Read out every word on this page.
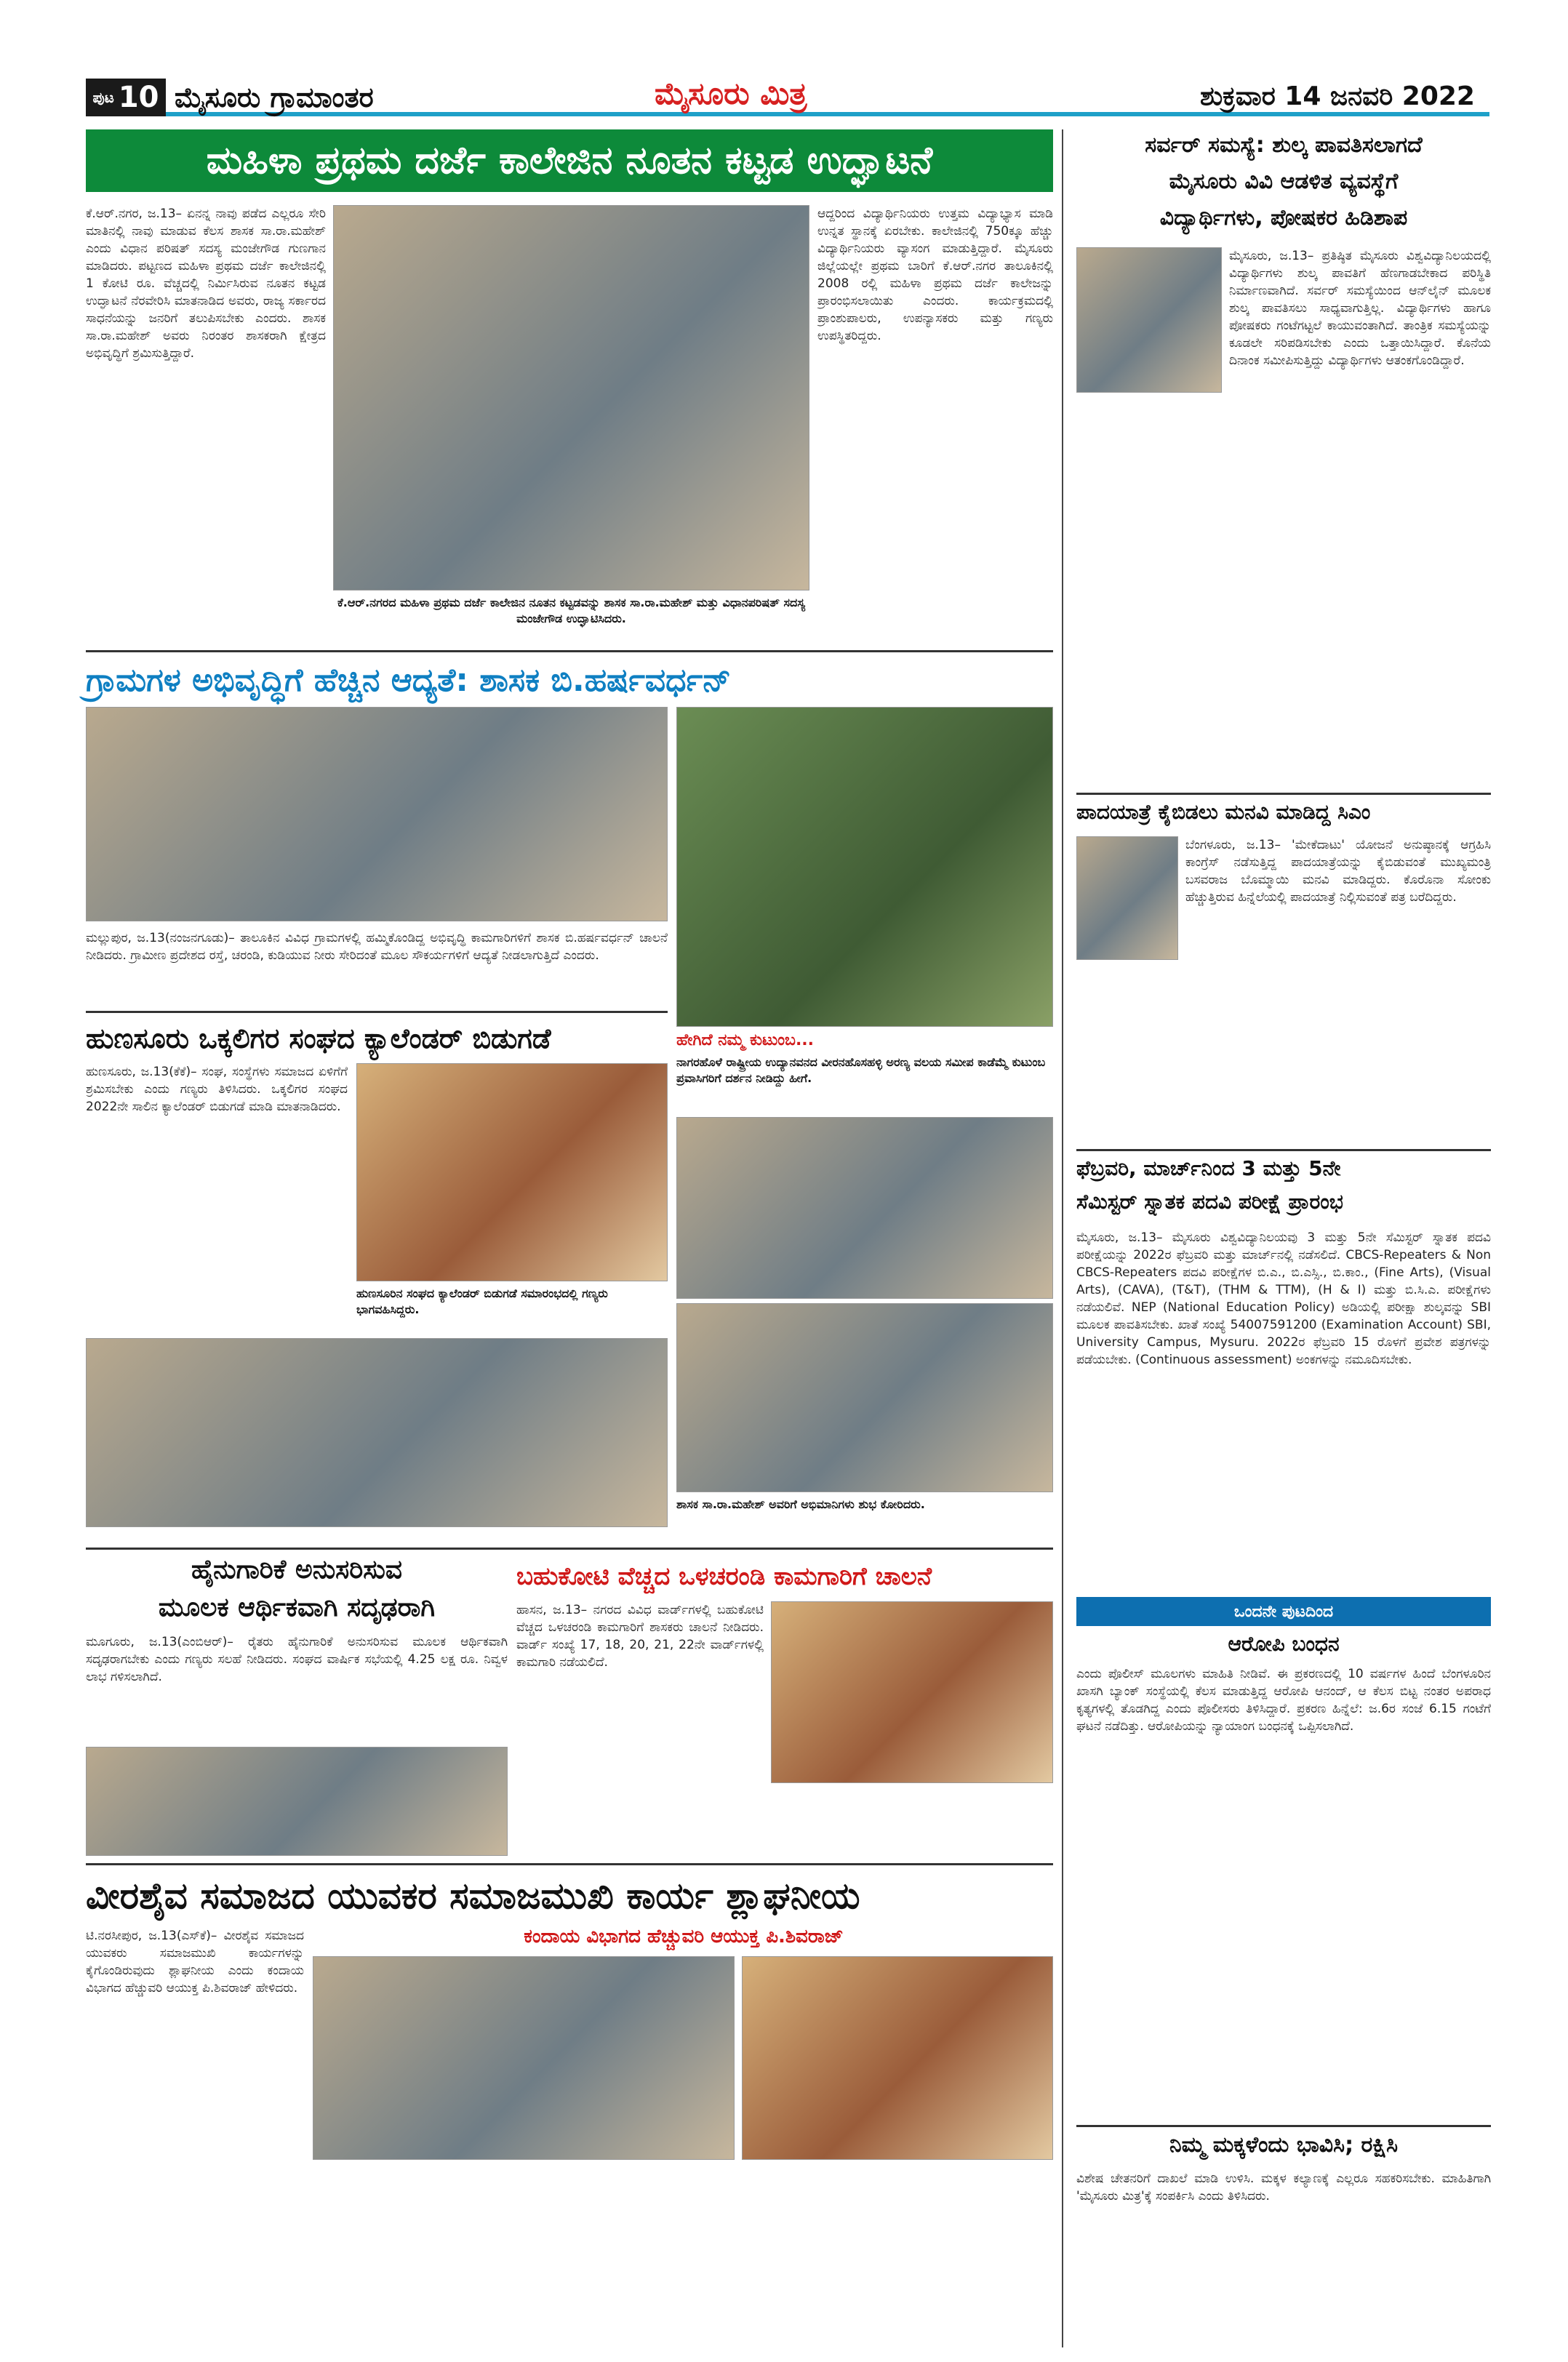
ಪುಟ 10 ಮೈಸೂರು ಗ್ರಾಮಾಂತರ	ಮೈಸೂರು ಮಿತ್ರ	ಶುಕ್ರವಾರ 14 ಜನವರಿ 2022
ಮಹಿಳಾ ಪ್ರಥಮ ದರ್ಜೆ ಕಾಲೇಜಿನ ನೂತನ ಕಟ್ಟಡ ಉದ್ಘಾಟನೆ
ಕೆ.ಆರ್.ನಗರ, ಜ.13– ಏನನ್ನ ನಾವು ಪಡೆದ ಎಲ್ಲರೂ ಸೇರಿ ಮಾತಿನಲ್ಲಿ ನಾವು ಮಾಡುವ ಕೆಲಸ ಶಾಸಕ ಸಾ.ರಾ.ಮಹೇಶ್ ಎಂದು ವಿಧಾನ ಪರಿಷತ್ ಸದಸ್ಯ ಮಂಜೇಗೌಡ ಗುಣಗಾನ ಮಾಡಿದರು. ಪಟ್ಟಣದ ಮಹಿಳಾ ಪ್ರಥಮ ದರ್ಜೆ ಕಾಲೇಜಿನಲ್ಲಿ 1 ಕೋಟಿ ರೂ. ವೆಚ್ಚದಲ್ಲಿ ನಿರ್ಮಿಸಿರುವ ನೂತನ ಕಟ್ಟಡ ಉದ್ಘಾಟನೆ ನೆರವೇರಿಸಿ ಮಾತನಾಡಿದ ಅವರು, ರಾಜ್ಯ ಸರ್ಕಾರದ ಸಾಧನೆಯನ್ನು ಜನರಿಗೆ ತಲುಪಿಸಬೇಕು ಎಂದರು. ಶಾಸಕ ಸಾ.ರಾ.ಮಹೇಶ್ ಅವರು ನಿರಂತರ ಶಾಸಕರಾಗಿ ಕ್ಷೇತ್ರದ ಅಭಿವೃದ್ಧಿಗೆ ಶ್ರಮಿಸುತ್ತಿದ್ದಾರೆ.
ಕೆ.ಆರ್.ನಗರದ ಮಹಿಳಾ ಪ್ರಥಮ ದರ್ಜೆ ಕಾಲೇಜಿನ ನೂತನ ಕಟ್ಟಡವನ್ನು ಶಾಸಕ ಸಾ.ರಾ.ಮಹೇಶ್ ಮತ್ತು ವಿಧಾನಪರಿಷತ್ ಸದಸ್ಯ ಮಂಜೇಗೌಡ ಉದ್ಘಾಟಿಸಿದರು.
ಆದ್ದರಿಂದ ವಿದ್ಯಾರ್ಥಿನಿಯರು ಉತ್ತಮ ವಿದ್ಯಾಭ್ಯಾಸ ಮಾಡಿ ಉನ್ನತ ಸ್ಥಾನಕ್ಕೆ ಏರಬೇಕು. ಕಾಲೇಜಿನಲ್ಲಿ 750ಕ್ಕೂ ಹೆಚ್ಚು ವಿದ್ಯಾರ್ಥಿನಿಯರು ವ್ಯಾಸಂಗ ಮಾಡುತ್ತಿದ್ದಾರೆ. ಮೈಸೂರು ಜಿಲ್ಲೆಯಲ್ಲೇ ಪ್ರಥಮ ಬಾರಿಗೆ ಕೆ.ಆರ್.ನಗರ ತಾಲೂಕಿನಲ್ಲಿ 2008 ರಲ್ಲಿ ಮಹಿಳಾ ಪ್ರಥಮ ದರ್ಜೆ ಕಾಲೇಜನ್ನು ಪ್ರಾರಂಭಿಸಲಾಯಿತು ಎಂದರು. ಕಾರ್ಯಕ್ರಮದಲ್ಲಿ ಪ್ರಾಂಶುಪಾಲರು, ಉಪನ್ಯಾಸಕರು ಮತ್ತು ಗಣ್ಯರು ಉಪಸ್ಥಿತರಿದ್ದರು.
ಗ್ರಾಮಗಳ ಅಭಿವೃದ್ಧಿಗೆ ಹೆಚ್ಚಿನ ಆದ್ಯತೆ: ಶಾಸಕ ಬಿ.ಹರ್ಷವರ್ಧನ್
ಮಲ್ಲುಪುರ, ಜ.13(ನಂಜನಗೂಡು)– ತಾಲೂಕಿನ ವಿವಿಧ ಗ್ರಾಮಗಳಲ್ಲಿ ಹಮ್ಮಿಕೊಂಡಿದ್ದ ಅಭಿವೃದ್ಧಿ ಕಾಮಗಾರಿಗಳಿಗೆ ಶಾಸಕ ಬಿ.ಹರ್ಷವರ್ಧನ್ ಚಾಲನೆ ನೀಡಿದರು. ಗ್ರಾಮೀಣ ಪ್ರದೇಶದ ರಸ್ತೆ, ಚರಂಡಿ, ಕುಡಿಯುವ ನೀರು ಸೇರಿದಂತೆ ಮೂಲ ಸೌಕರ್ಯಗಳಿಗೆ ಆದ್ಯತೆ ನೀಡಲಾಗುತ್ತಿದೆ ಎಂದರು.
ಹೇಗಿದೆ ನಮ್ಮ ಕುಟುಂಬ...
ನಾಗರಹೊಳೆ ರಾಷ್ಟ್ರೀಯ ಉದ್ಯಾನವನದ ವೀರನಹೊಸಹಳ್ಳಿ ಅರಣ್ಯ ವಲಯ ಸಮೀಪ ಕಾಡೆಮ್ಮೆ ಕುಟುಂಬ ಪ್ರವಾಸಿಗರಿಗೆ ದರ್ಶನ ನೀಡಿದ್ದು ಹೀಗೆ.
ಹುಣಸೂರು ಒಕ್ಕಲಿಗರ ಸಂಘದ ಕ್ಯಾಲೆಂಡರ್ ಬಿಡುಗಡೆ
ಹುಣಸೂರು, ಜ.13(ಕೆಕೆ)– ಸಂಘ, ಸಂಸ್ಥೆಗಳು ಸಮಾಜದ ಏಳಿಗೆಗೆ ಶ್ರಮಿಸಬೇಕು ಎಂದು ಗಣ್ಯರು ತಿಳಿಸಿದರು. ಒಕ್ಕಲಿಗರ ಸಂಘದ 2022ನೇ ಸಾಲಿನ ಕ್ಯಾಲೆಂಡರ್ ಬಿಡುಗಡೆ ಮಾಡಿ ಮಾತನಾಡಿದರು.
ಹುಣಸೂರಿನ ಸಂಘದ ಕ್ಯಾಲೆಂಡರ್ ಬಿಡುಗಡೆ ಸಮಾರಂಭದಲ್ಲಿ ಗಣ್ಯರು ಭಾಗವಹಿಸಿದ್ದರು.
ಶಾಸಕ ಸಾ.ರಾ.ಮಹೇಶ್ ಅವರಿಗೆ ಅಭಿಮಾನಿಗಳು ಶುಭ ಕೋರಿದರು.
ಹೈನುಗಾರಿಕೆ ಅನುಸರಿಸುವ
ಮೂಲಕ ಆರ್ಥಿಕವಾಗಿ ಸದೃಢರಾಗಿ
ಮೂಗೂರು, ಜ.13(ಎಂಬಿಆರ್)– ರೈತರು ಹೈನುಗಾರಿಕೆ ಅನುಸರಿಸುವ ಮೂಲಕ ಆರ್ಥಿಕವಾಗಿ ಸದೃಢರಾಗಬೇಕು ಎಂದು ಗಣ್ಯರು ಸಲಹೆ ನೀಡಿದರು. ಸಂಘದ ವಾರ್ಷಿಕ ಸಭೆಯಲ್ಲಿ 4.25 ಲಕ್ಷ ರೂ. ನಿವ್ವಳ ಲಾಭ ಗಳಿಸಲಾಗಿದೆ.
ಬಹುಕೋಟಿ ವೆಚ್ಚದ ಒಳಚರಂಡಿ ಕಾಮಗಾರಿಗೆ ಚಾಲನೆ
ಹಾಸನ, ಜ.13– ನಗರದ ವಿವಿಧ ವಾರ್ಡ್‌ಗಳಲ್ಲಿ ಬಹುಕೋಟಿ ವೆಚ್ಚದ ಒಳಚರಂಡಿ ಕಾಮಗಾರಿಗೆ ಶಾಸಕರು ಚಾಲನೆ ನೀಡಿದರು. ವಾರ್ಡ್ ಸಂಖ್ಯೆ 17, 18, 20, 21, 22ನೇ ವಾರ್ಡ್‌ಗಳಲ್ಲಿ ಕಾಮಗಾರಿ ನಡೆಯಲಿದೆ.
ವೀರಶೈವ ಸಮಾಜದ ಯುವಕರ ಸಮಾಜಮುಖಿ ಕಾರ್ಯ ಶ್ಲಾಘನೀಯ
ಕಂದಾಯ ವಿಭಾಗದ ಹೆಚ್ಚುವರಿ ಆಯುಕ್ತ ಪಿ.ಶಿವರಾಜ್
ಟಿ.ನರಸೀಪುರ, ಜ.13(ಎಸ್‌ಕೆ)– ವೀರಶೈವ ಸಮಾಜದ ಯುವಕರು ಸಮಾಜಮುಖಿ ಕಾರ್ಯಗಳನ್ನು ಕೈಗೊಂಡಿರುವುದು ಶ್ಲಾಘನೀಯ ಎಂದು ಕಂದಾಯ ವಿಭಾಗದ ಹೆಚ್ಚುವರಿ ಆಯುಕ್ತ ಪಿ.ಶಿವರಾಜ್ ಹೇಳಿದರು.
ಸರ್ವರ್ ಸಮಸ್ಯೆ: ಶುಲ್ಕ ಪಾವತಿಸಲಾಗದೆ
ಮೈಸೂರು ವಿವಿ ಆಡಳಿತ ವ್ಯವಸ್ಥೆಗೆ
ವಿದ್ಯಾರ್ಥಿಗಳು, ಪೋಷಕರ ಹಿಡಿಶಾಪ
ಮೈಸೂರು, ಜ.13– ಪ್ರತಿಷ್ಠಿತ ಮೈಸೂರು ವಿಶ್ವವಿದ್ಯಾನಿಲಯದಲ್ಲಿ ವಿದ್ಯಾರ್ಥಿಗಳು ಶುಲ್ಕ ಪಾವತಿಗೆ ಹೆಣಗಾಡಬೇಕಾದ ಪರಿಸ್ಥಿತಿ ನಿರ್ಮಾಣವಾಗಿದೆ. ಸರ್ವರ್ ಸಮಸ್ಯೆಯಿಂದ ಆನ್‌ಲೈನ್ ಮೂಲಕ ಶುಲ್ಕ ಪಾವತಿಸಲು ಸಾಧ್ಯವಾಗುತ್ತಿಲ್ಲ. ವಿದ್ಯಾರ್ಥಿಗಳು ಹಾಗೂ ಪೋಷಕರು ಗಂಟೆಗಟ್ಟಲೆ ಕಾಯುವಂತಾಗಿದೆ. ತಾಂತ್ರಿಕ ಸಮಸ್ಯೆಯನ್ನು ಕೂಡಲೇ ಸರಿಪಡಿಸಬೇಕು ಎಂದು ಒತ್ತಾಯಿಸಿದ್ದಾರೆ. ಕೊನೆಯ ದಿನಾಂಕ ಸಮೀಪಿಸುತ್ತಿದ್ದು ವಿದ್ಯಾರ್ಥಿಗಳು ಆತಂಕಗೊಂಡಿದ್ದಾರೆ.
ಪಾದಯಾತ್ರೆ ಕೈಬಿಡಲು ಮನವಿ ಮಾಡಿದ್ದ ಸಿಎಂ
ಬೆಂಗಳೂರು, ಜ.13– 'ಮೇಕೆದಾಟು' ಯೋಜನೆ ಅನುಷ್ಠಾನಕ್ಕೆ ಆಗ್ರಹಿಸಿ ಕಾಂಗ್ರೆಸ್ ನಡೆಸುತ್ತಿದ್ದ ಪಾದಯಾತ್ರೆಯನ್ನು ಕೈಬಿಡುವಂತೆ ಮುಖ್ಯಮಂತ್ರಿ ಬಸವರಾಜ ಬೊಮ್ಮಾಯಿ ಮನವಿ ಮಾಡಿದ್ದರು. ಕೊರೊನಾ ಸೋಂಕು ಹೆಚ್ಚುತ್ತಿರುವ ಹಿನ್ನೆಲೆಯಲ್ಲಿ ಪಾದಯಾತ್ರೆ ನಿಲ್ಲಿಸುವಂತೆ ಪತ್ರ ಬರೆದಿದ್ದರು.
ಫೆಬ್ರವರಿ, ಮಾರ್ಚ್‌ನಿಂದ 3 ಮತ್ತು 5ನೇ
ಸೆಮಿಸ್ಟರ್ ಸ್ನಾತಕ ಪದವಿ ಪರೀಕ್ಷೆ ಪ್ರಾರಂಭ
ಮೈಸೂರು, ಜ.13– ಮೈಸೂರು ವಿಶ್ವವಿದ್ಯಾನಿಲಯವು 3 ಮತ್ತು 5ನೇ ಸೆಮಿಸ್ಟರ್ ಸ್ನಾತಕ ಪದವಿ ಪರೀಕ್ಷೆಯನ್ನು 2022ರ ಫೆಬ್ರವರಿ ಮತ್ತು ಮಾರ್ಚ್‌ನಲ್ಲಿ ನಡೆಸಲಿದೆ. CBCS-Repeaters & Non CBCS-Repeaters ಪದವಿ ಪರೀಕ್ಷೆಗಳ ಬಿ.ಎ., ಬಿ.ಎಸ್ಸಿ., ಬಿ.ಕಾಂ., (Fine Arts), (Visual Arts), (CAVA), (T&T), (THM & TTM), (H & I) ಮತ್ತು ಬಿ.ಸಿ.ಎ. ಪರೀಕ್ಷೆಗಳು ನಡೆಯಲಿವೆ. NEP (National Education Policy) ಅಡಿಯಲ್ಲಿ ಪರೀಕ್ಷಾ ಶುಲ್ಕವನ್ನು SBI ಮೂಲಕ ಪಾವತಿಸಬೇಕು. ಖಾತೆ ಸಂಖ್ಯೆ 54007591200 (Examination Account) SBI, University Campus, Mysuru. 2022ರ ಫೆಬ್ರವರಿ 15 ರೊಳಗೆ ಪ್ರವೇಶ ಪತ್ರಗಳನ್ನು ಪಡೆಯಬೇಕು. (Continuous assessment) ಅಂಕಗಳನ್ನು ನಮೂದಿಸಬೇಕು.
ಒಂದನೇ ಪುಟದಿಂದ
ಆರೋಪಿ ಬಂಧನ
ಎಂದು ಪೊಲೀಸ್ ಮೂಲಗಳು ಮಾಹಿತಿ ನೀಡಿವೆ. ಈ ಪ್ರಕರಣದಲ್ಲಿ 10 ವರ್ಷಗಳ ಹಿಂದೆ ಬೆಂಗಳೂರಿನ ಖಾಸಗಿ ಬ್ಯಾಂಕ್ ಸಂಸ್ಥೆಯಲ್ಲಿ ಕೆಲಸ ಮಾಡುತ್ತಿದ್ದ ಆರೋಪಿ ಆನಂದ್, ಆ ಕೆಲಸ ಬಿಟ್ಟ ನಂತರ ಅಪರಾಧ ಕೃತ್ಯಗಳಲ್ಲಿ ತೊಡಗಿದ್ದ ಎಂದು ಪೊಲೀಸರು ತಿಳಿಸಿದ್ದಾರೆ. ಪ್ರಕರಣ ಹಿನ್ನೆಲೆ: ಜ.6ರ ಸಂಜೆ 6.15 ಗಂಟೆಗೆ ಘಟನೆ ನಡೆದಿತ್ತು. ಆರೋಪಿಯನ್ನು ನ್ಯಾಯಾಂಗ ಬಂಧನಕ್ಕೆ ಒಪ್ಪಿಸಲಾಗಿದೆ.
ನಿಮ್ಮ ಮಕ್ಕಳೆಂದು ಭಾವಿಸಿ; ರಕ್ಷಿಸಿ
ವಿಶೇಷ ಚೇತನರಿಗೆ ದಾಖಲೆ ಮಾಡಿ ಉಳಿಸಿ. ಮಕ್ಕಳ ಕಲ್ಯಾಣಕ್ಕೆ ಎಲ್ಲರೂ ಸಹಕರಿಸಬೇಕು. ಮಾಹಿತಿಗಾಗಿ 'ಮೈಸೂರು ಮಿತ್ರ'ಕ್ಕೆ ಸಂಪರ್ಕಿಸಿ ಎಂದು ತಿಳಿಸಿದರು.
